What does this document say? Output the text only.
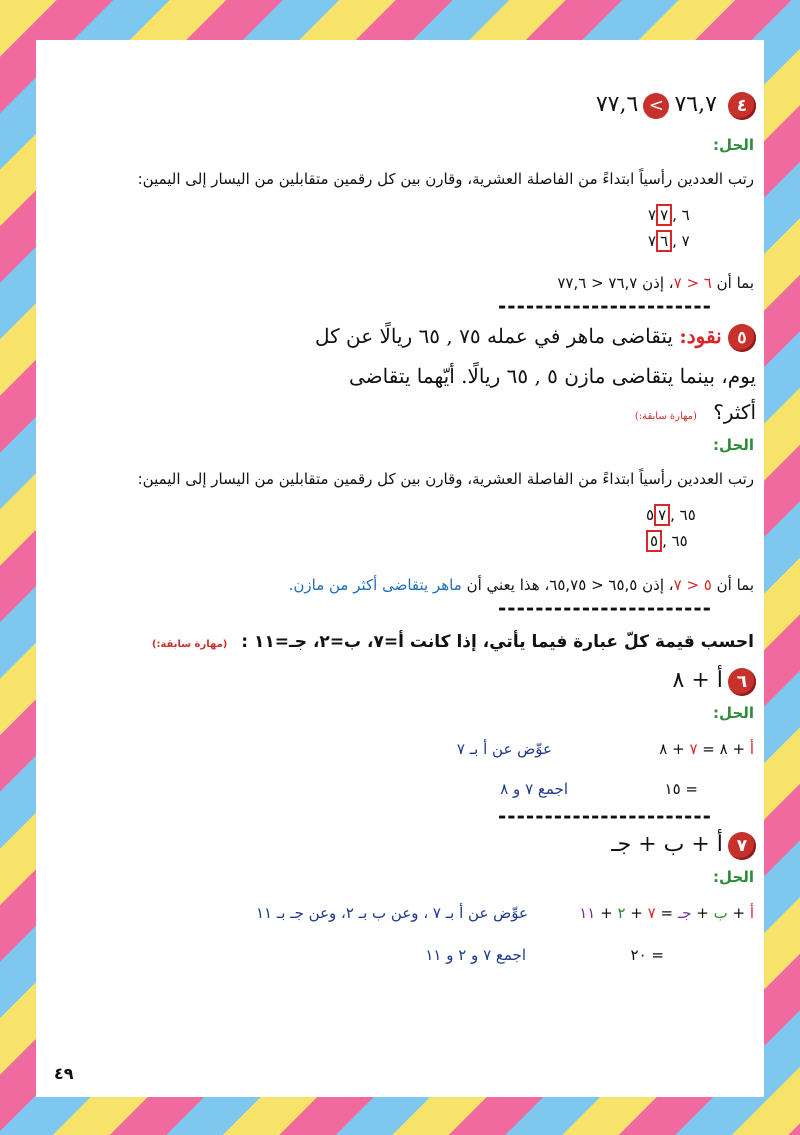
٤ ٧٦,٧ > ٧٧,٦
الحل:
رتب العددين رأسياً ابتداءً من الفاصلة العشرية، وقارن بين كل رقمين متقابلين من اليسار إلى اليمين:
٦ ,٧٧
٧ ,٦٧
بما أن ٦ < ٧، إذن ٧٦,٧ < ٧٧,٦
-----------------------
٥ نقود: يتقاضى ماهر في عمله ٧٥ , ٦٥ ريالًا عن كل
يوم، بينما يتقاضى مازن ٥ , ٦٥ ريالًا. أيّهما يتقاضى
أكثر؟ (مهارة سابقة:)
الحل:
رتب العددين رأسياً ابتداءً من الفاصلة العشرية، وقارن بين كل رقمين متقابلين من اليسار إلى اليمين:
٦٥ ,٧٥
٦٥ ,٥
بما أن ٥ < ٧، إذن ٦٥,٥ < ٦٥,٧٥، هذا يعني أن ماهر يتقاضى أكثر من مازن.
-----------------------
احسب قيمة كلّ عبارة فيما يأتي، إذا كانت أ=٧، ب=٢، جـ=١١ : (مهارة سابقة:)
٦ أ + ٨
الحل:
أ + ٨ = ٧ + ٨
عوِّض عن أ بـ ٧
= ١٥
اجمع ٧ و ٨
-----------------------
٧ أ + ب + جـ
الحل:
أ + ب + جـ = ٧ + ٢ + ١١
عوِّض عن أ بـ ٧ ، وعن ب بـ ٢، وعن جـ بـ ١١
= ٢٠
اجمع ٧ و ٢ و ١١
٤٩
